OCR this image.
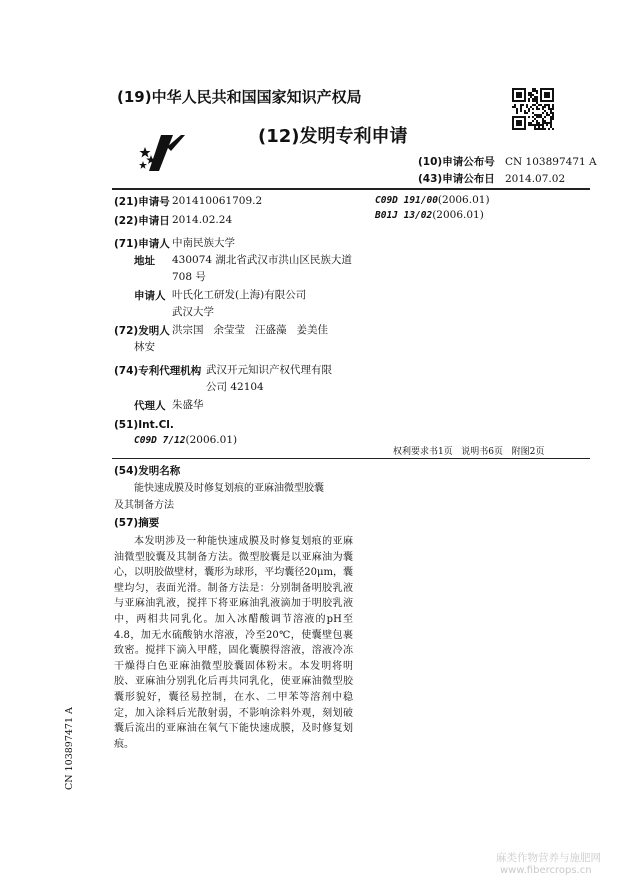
(19)中华人民共和国国家知识产权局
(12)发明专利申请
(10)申请公布号 CN 103897471 A
(43)申请公布日 2014.07.02
(21)申请号 201410061709.2
(22)申请日 2014.02.24
(71)申请人 中南民族大学
地址 430074 湖北省武汉市洪山区民族大道
708 号
申请人 叶氏化工研发(上海)有限公司
武汉大学
(72)发明人 洪宗国   余莹莹   汪盛藻   姜美佳
林安
(74)专利代理机构 武汉开元知识产权代理有限
公司 42104
代理人 朱盛华
(51)Int.Cl.
C09D 7/12(2006.01)
C09D 191/00(2006.01)
B01J 13/02(2006.01)
权利要求书1页   说明书6页   附图2页
(54)发明名称
能快速成膜及时修复划痕的亚麻油微型胶囊
及其制备方法
(57)摘要

本发明涉及一种能快速成膜及时修复划痕的亚麻油微型胶囊及其制备方法。微型胶囊是以亚麻油为囊心，以明胶做壁材，囊形为球形，平均囊径20μm，囊壁均匀，表面光滑。制备方法是：分别制备明胶乳液与亚麻油乳液，搅拌下将亚麻油乳液滴加于明胶乳液中，两相共同乳化。加入冰醋酸调节溶液的pH至4.8，加无水硫酸钠水溶液，冷至20℃，使囊壁包裹致密。搅拌下滴入甲醛，固化囊膜得溶液，溶液冷冻干燥得白色亚麻油微型胶囊固体粉末。本发明将明胶、亚麻油分别乳化后再共同乳化，使亚麻油微型胶囊形貌好，囊径易控制，在水、二甲苯等溶剂中稳定，加入涂料后光散射弱，不影响涂料外观，刻划破囊后流出的亚麻油在氧气下能快速成膜，及时修复划痕。

CN 103897471 A
麻类作物营养与施肥网
www.fibercrops.cn
